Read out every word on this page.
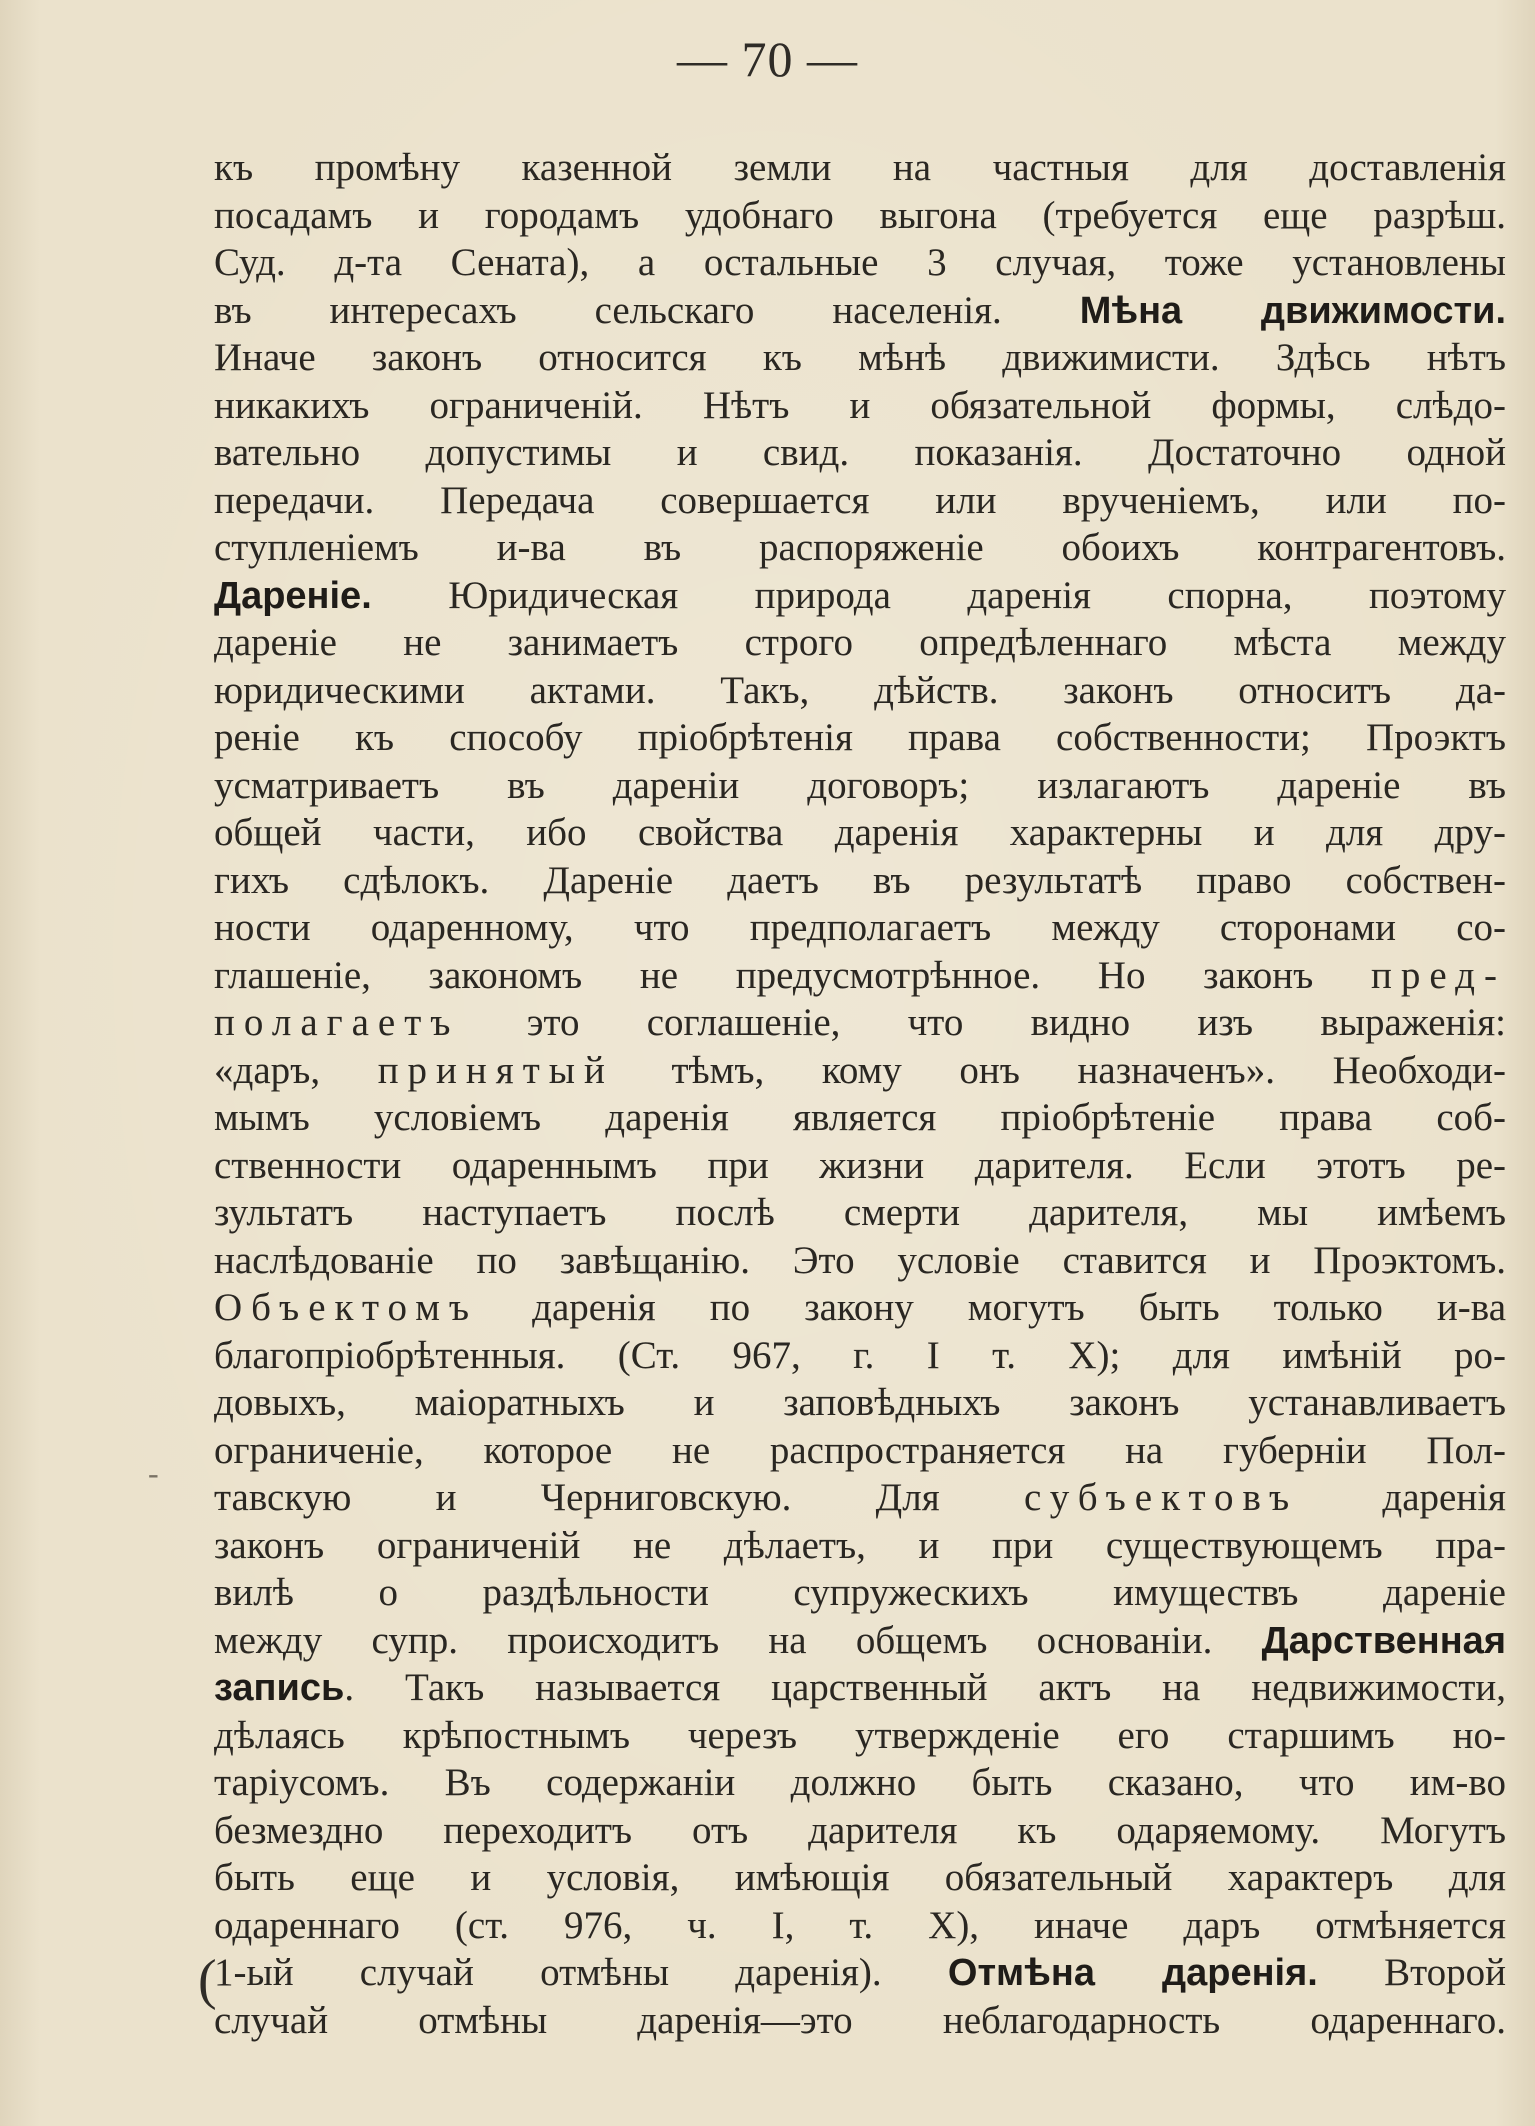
— 70 —
-
(
къ промѣну казенной земли на частныя для доставленія
посадамъ и городамъ удобнаго выгона (требуется еще разрѣш.
Суд. д-та Сената), а остальные 3 случая, тоже установлены
въ интересахъ сельскаго населенія. Мѣна движимости.
Иначе законъ относится къ мѣнѣ движимисти. Здѣсь нѣтъ
никакихъ ограниченій. Нѣтъ и обязательной формы, слѣдо-
вательно допустимы и свид. показанія. Достаточно одной
передачи. Передача совершается или врученіемъ, или по-
ступленіемъ и-ва въ распоряженіе обоихъ контрагентовъ.
Дареніе. Юридическая природа даренія спорна, поэтому
дареніе не занимаетъ строго опредѣленнаго мѣста между
юридическими актами. Такъ, дѣйств. законъ относитъ да-
реніе къ способу пріобрѣтенія права собственности; Проэктъ
усматриваетъ въ дареніи договоръ; излагаютъ дареніе въ
общей части, ибо свойства даренія характерны и для дру-
гихъ сдѣлокъ. Дареніе даетъ въ результатѣ право собствен-
ности одаренному, что предполагаетъ между сторонами со-
глашеніе, закономъ не предусмотрѣнное. Но законъ пред-
полагаетъ это соглашеніе, что видно изъ выраженія:
«даръ, принятый тѣмъ, кому онъ назначенъ». Необходи-
мымъ условіемъ даренія является пріобрѣтеніе права соб-
ственности одареннымъ при жизни дарителя. Если этотъ ре-
зультатъ наступаетъ послѣ смерти дарителя, мы имѣемъ
наслѣдованіе по завѣщанію. Это условіе ставится и Проэктомъ.
Объектомъ даренія по закону могутъ быть только и-ва
благопріобрѣтенныя. (Ст. 967, г. I т. X); для имѣній ро-
довыхъ, маіоратныхъ и заповѣдныхъ законъ устанавливаетъ
ограниченіе, которое не распространяется на губерніи Пол-
тавскую и Черниговскую. Для субъектовъ даренія
законъ ограниченій не дѣлаетъ, и при существующемъ пра-
вилѣ о раздѣльности супружескихъ имуществъ дареніе
между супр. происходитъ на общемъ основаніи. Дарственная
запись. Такъ называется царственный актъ на недвижимости,
дѣлаясь крѣпостнымъ черезъ утвержденіе его старшимъ но-
таріусомъ. Въ содержаніи должно быть сказано, что им-во
безмездно переходитъ отъ дарителя къ одаряемому. Могутъ
быть еще и условія, имѣющія обязательный характеръ для
одареннаго (ст. 976, ч. I, т. X), иначе даръ отмѣняется
1-ый случай отмѣны даренія). Отмѣна даренія. Второй
случай отмѣны даренія—это неблагодарность одареннаго.
